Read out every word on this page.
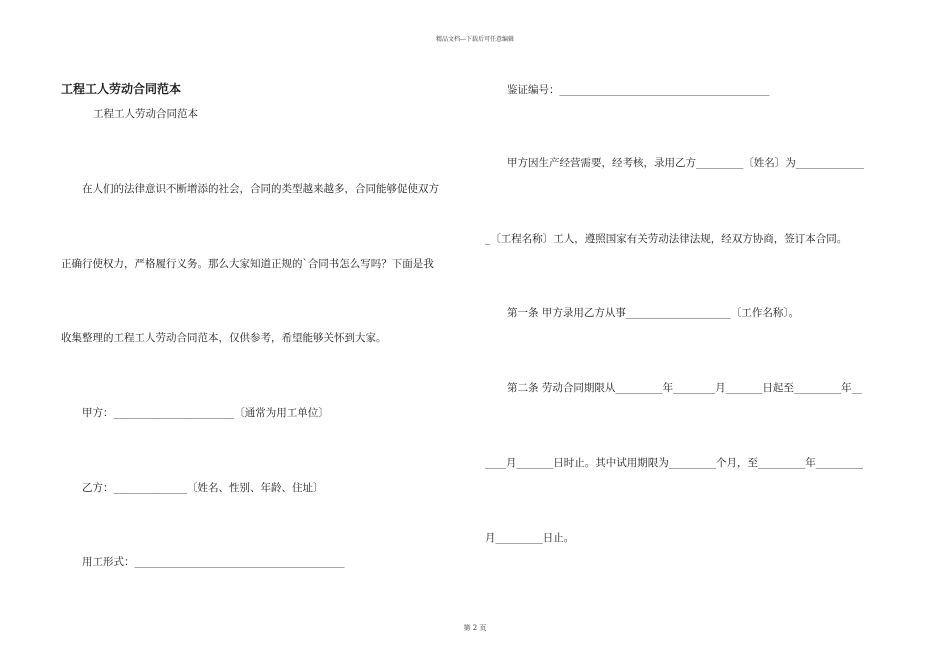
精品文档---下载后可任意编辑
工程工人劳动合同范本
工程工人劳动合同范本
在人们的法律意识不断增添的社会，合同的类型越来越多，合同能够促使双方
正确行使权力，严格履行义务。那么大家知道正规的`合同书怎么写吗？下面是我
收集整理的工程工人劳动合同范本，仅供参考，希望能够关怀到大家。
甲方：_______________________〔通常为用工单位〕
乙方：______________〔姓名、性别、年龄、住址〕
用工形式：________________________________________
鉴证编号：________________________________________
甲方因生产经营需要，经考核，录用乙方_________〔姓名〕为_____________
_〔工程名称〕工人，遵照国家有关劳动法律法规，经双方协商，签订本合同。
第一条 甲方录用乙方从事____________________〔工作名称〕。
第二条 劳动合同期限从_________年________月_______日起至_________年__
____月_______日时止。其中试用期限为_________个月，至_________年_________
月_________日止。
第 2 页
